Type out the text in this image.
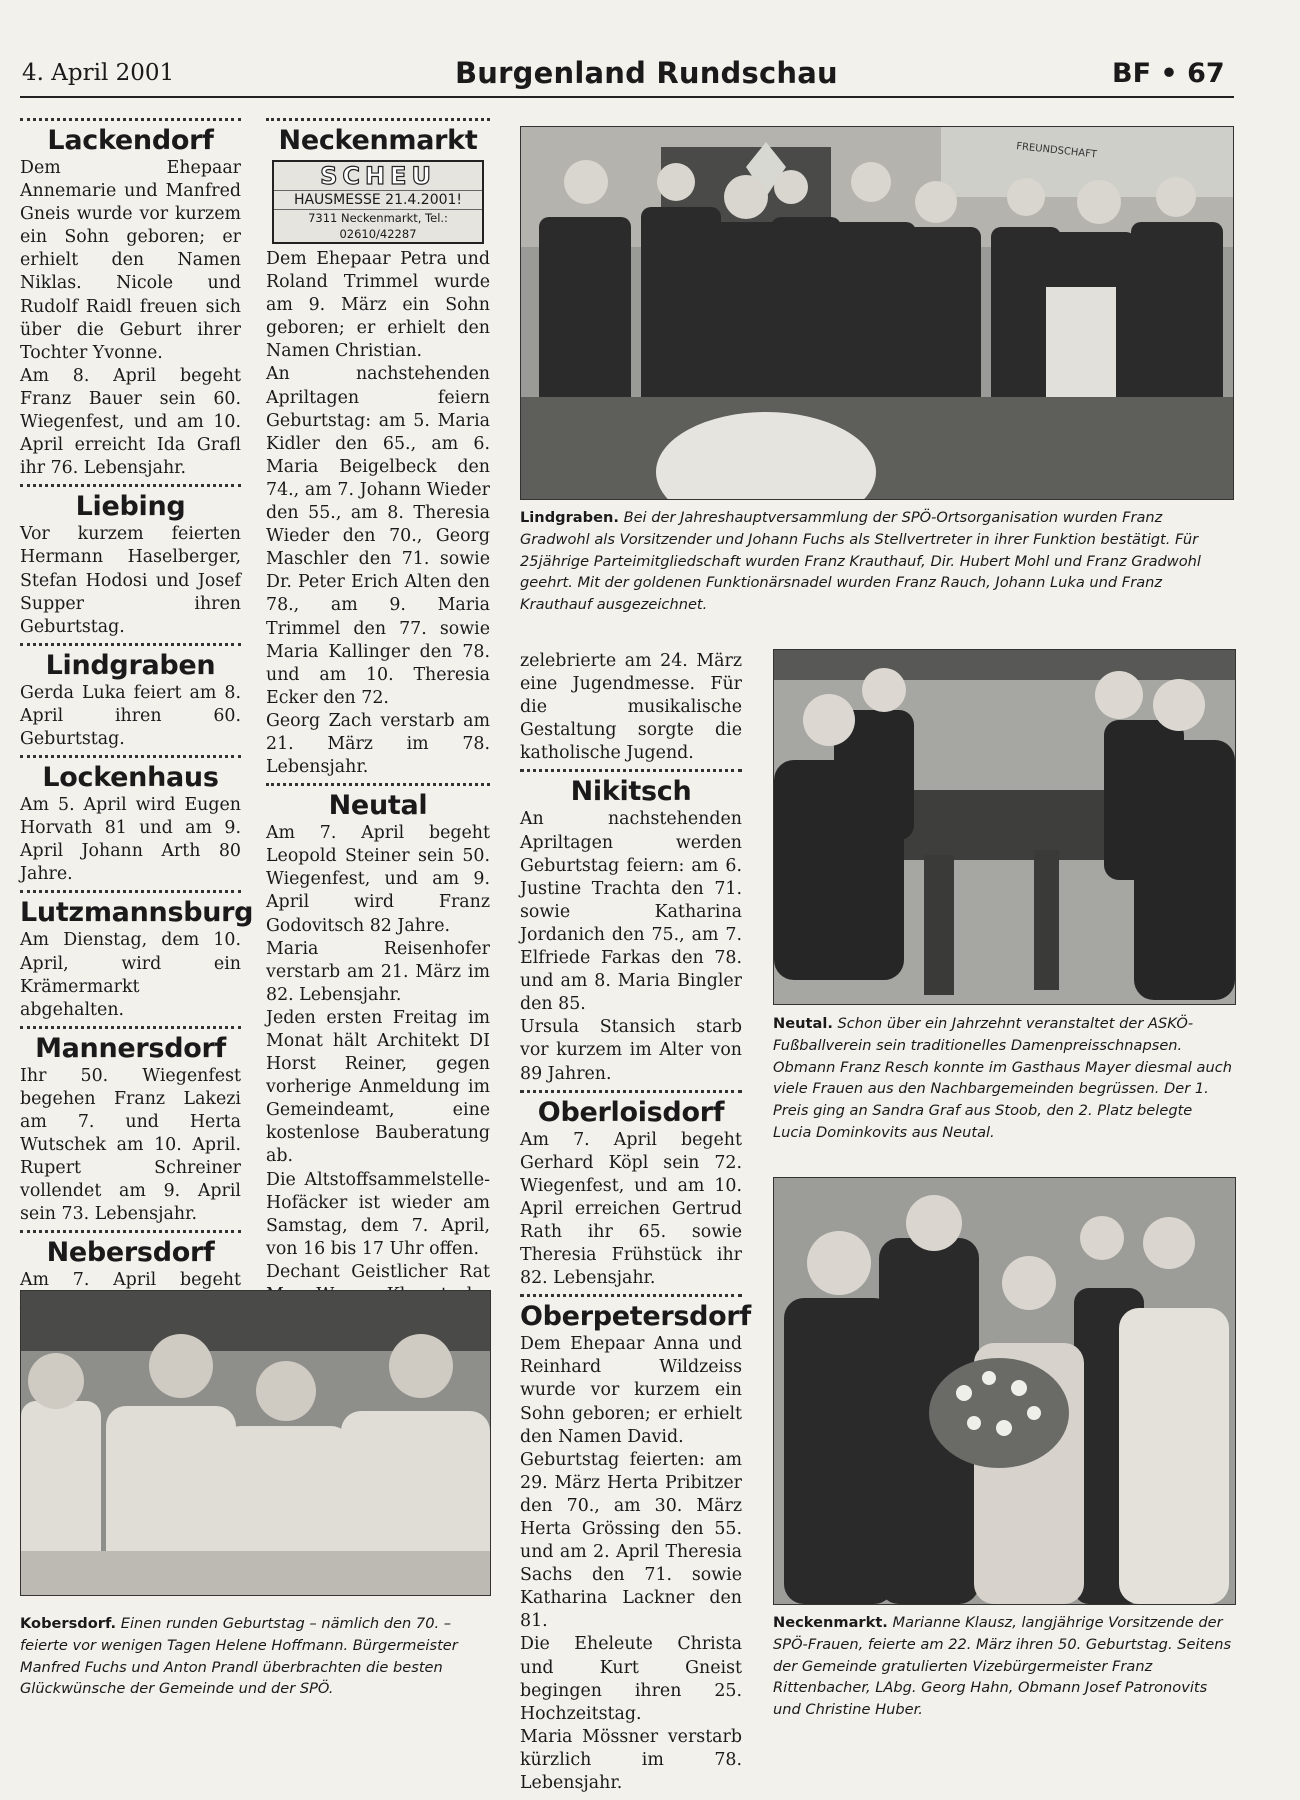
4. April 2001	Burgenland Rundschau	BF • 67
Lackendorf

Dem Ehepaar Annemarie und Manfred Gneis wurde vor kurzem ein Sohn geboren; er erhielt den Namen Niklas. Nicole und Rudolf Raidl freuen sich über die Geburt ihrer Tochter Yvonne.
Am 8. April begeht Franz Bauer sein 60. Wiegenfest, und am 10. April erreicht Ida Grafl ihr 76. Lebensjahr.

Liebing

Vor kurzem feierten Hermann Haselberger, Stefan Hodosi und Josef Supper ihren Geburtstag.

Lindgraben

Gerda Luka feiert am 8. April ihren 60. Geburtstag.

Lockenhaus

Am 5. April wird Eugen Horvath 81 und am 9. April Johann Arth 80 Jahre.

Lutzmannsburg

Am Dienstag, dem 10. April, wird ein Krämermarkt abgehalten.

Mannersdorf

Ihr 50. Wiegenfest begehen Franz Lakezi am 7. und Herta Wutschek am 10. April. Rupert Schreiner vollendet am 9. April sein 73. Lebensjahr.

Nebersdorf

Am 7. April begeht

Neckenmarkt
SCHEU
HAUSMESSE 21.4.2001!
7311 Neckenmarkt, Tel.: 02610/42287

Dem Ehepaar Petra und Roland Trimmel wurde am 9. März ein Sohn geboren; er erhielt den Namen Christian.
An nachstehenden Apriltagen feiern Geburtstag: am 5. Maria Kidler den 65., am 6. Maria Beigelbeck den 74., am 7. Johann Wieder den 55., am 8. Theresia Wieder den 70., Georg Maschler den 71. sowie Dr. Peter Erich Alten den 78., am 9. Maria Trimmel den 77. sowie Maria Kallinger den 78. und am 10. Theresia Ecker den 72.
Georg Zach verstarb am 21. März im 78. Lebensjahr.

Neutal

Am 7. April begeht Leopold Steiner sein 50. Wiegenfest, und am 9. April wird Franz Godovitsch 82 Jahre.
Maria Reisenhofer verstarb am 21. März im 82. Lebensjahr.
Jeden ersten Freitag im Monat hält Architekt DI Horst Reiner, gegen vorherige Anmeldung im Gemeindeamt, eine kostenlose Bauberatung ab.
Die Altstoffsammelstelle-Hofäcker ist wieder am Samstag, dem 7. April, von 16 bis 17 Uhr offen.
Dechant Geistlicher Rat

zelebrierte am 24. März eine Jugendmesse. Für die musikalische Gestaltung sorgte die katholische Jugend.

Nikitsch

An nachstehenden Apriltagen werden Geburtstag feiern: am 6. Justine Trachta den 71. sowie Katharina Jordanich den 75., am 7. Elfriede Farkas den 78. und am 8. Maria Bingler den 85.
Ursula Stansich starb vor kurzem im Alter von 89 Jahren.

Oberloisdorf

Am 7. April begeht Gerhard Köpl sein 72. Wiegenfest, und am 10. April erreichen Gertrud Rath ihr 65. sowie Theresia Frühstück ihr 82. Lebensjahr.

Oberpetersdorf

Dem Ehepaar Anna und Reinhard Wildzeiss wurde vor kurzem ein Sohn geboren; er erhielt den Namen David.
Geburtstag feierten: am 29. März Herta Pribitzer den 70., am 30. März Herta Grössing den 55. und am 2. April Theresia Sachs den 71. sowie Katharina Lackner den 81.
Die Eheleute Christa und Kurt Gneist begingen ihren 25. Hochzeitstag.
Maria Mössner verstarb kürzlich im 78. Lebensjahr.

FREUNDSCHAFT
Lindgraben. Bei der Jahreshauptversammlung der SPÖ-Ortsorganisation wurden Franz Gradwohl als Vorsitzender und Johann Fuchs als Stellvertreter in ihrer Funktion bestätigt. Für 25jährige Parteimitgliedschaft wurden Franz Krauthauf, Dir. Hubert Mohl und Franz Gradwohl geehrt. Mit der goldenen Funktionärsnadel wurden Franz Rauch, Johann Luka und Franz Krauthauf ausgezeichnet.
Neutal. Schon über ein Jahrzehnt veranstaltet der ASKÖ-Fußballverein sein traditionelles Damenpreisschnapsen. Obmann Franz Resch konnte im Gasthaus Mayer diesmal auch viele Frauen aus den Nachbargemeinden begrüssen. Der 1. Preis ging an Sandra Graf aus Stoob, den 2. Platz belegte Lucia Dominkovits aus Neutal.
Neckenmarkt. Marianne Klausz, langjährige Vorsitzende der SPÖ-Frauen, feierte am 22. März ihren 50. Geburtstag. Seitens der Gemeinde gratulierten Vizebürgermeister Franz Rittenbacher, LAbg. Georg Hahn, Obmann Josef Patronovits und Christine Huber.
Kobersdorf. Einen runden Geburtstag – nämlich den 70. – feierte vor wenigen Tagen Helene Hoffmann. Bürgermeister Manfred Fuchs und Anton Prandl überbrachten die besten Glückwünsche der Gemeinde und der SPÖ.
